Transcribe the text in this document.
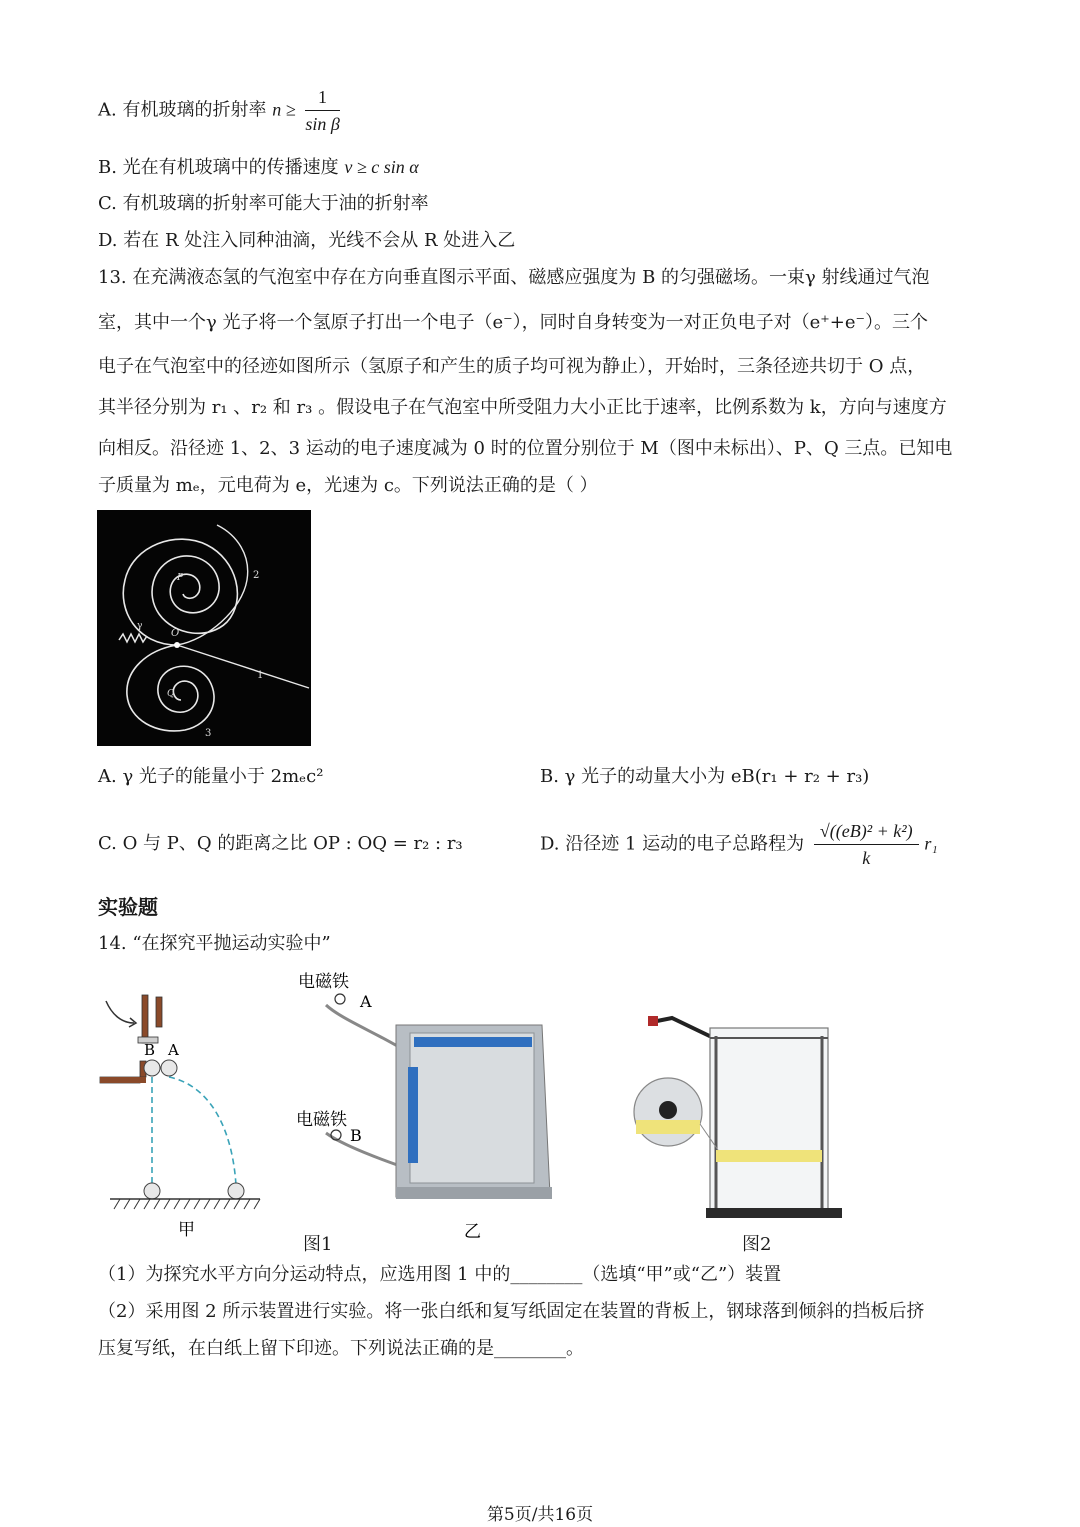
A. 有机玻璃的折射率 $n \ge \frac{1}{\text{sin β}}$
B. 光在有机玻璃中的传播速度 v ≥ c sin α
C. 有机玻璃的折射率可能大于油的折射率
D. 若在 R 处注入同种油滴，光线不会从 R 处进入乙
13. 在充满液态氢的气泡室中存在方向垂直图示平面、磁感应强度为 B 的匀强磁场。一束γ 射线通过气泡
室，其中一个γ 光子将一个氢原子打出一个电子（e⁻），同时自身转变为一对正负电子对（e⁺+e⁻）。三个
电子在气泡室中的径迹如图所示（氢原子和产生的质子均可视为静止），开始时，三条径迹共切于 O 点，
其半径分别为 r₁ 、r₂ 和 r₃ 。假设电子在气泡室中所受阻力大小正比于速率，比例系数为 k，方向与速度方
向相反。沿径迹 1、2、3 运动的电子速度减为 0 时的位置分别位于 M（图中未标出）、P、Q 三点。已知电
子质量为 mₑ，元电荷为 e，光速为 c。下列说法正确的是（ ）
γ
O
2
1
3
P
Q
A. γ 光子的能量小于 2mₑc²	B. γ 光子的动量大小为 eB(r₁ + r₂ + r₃)
C. O 与 P、Q 的距离之比 OP : OQ = r₂ : r₃	D. 沿径迹 1 运动的电子总路程为 $\frac{\text{√((eB)² + k²)}}{k} r_1$
实验题
14. “在探究平抛运动实验中”
B A
甲
电磁铁
A
电磁铁
B
乙
图1	图2
（1）为探究水平方向分运动特点，应选用图 1 中的________（选填“甲”或“乙”）装置
（2）采用图 2 所示装置进行实验。将一张白纸和复写纸固定在装置的背板上，钢球落到倾斜的挡板后挤
压复写纸，在白纸上留下印迹。下列说法正确的是________。
第5页/共16页
